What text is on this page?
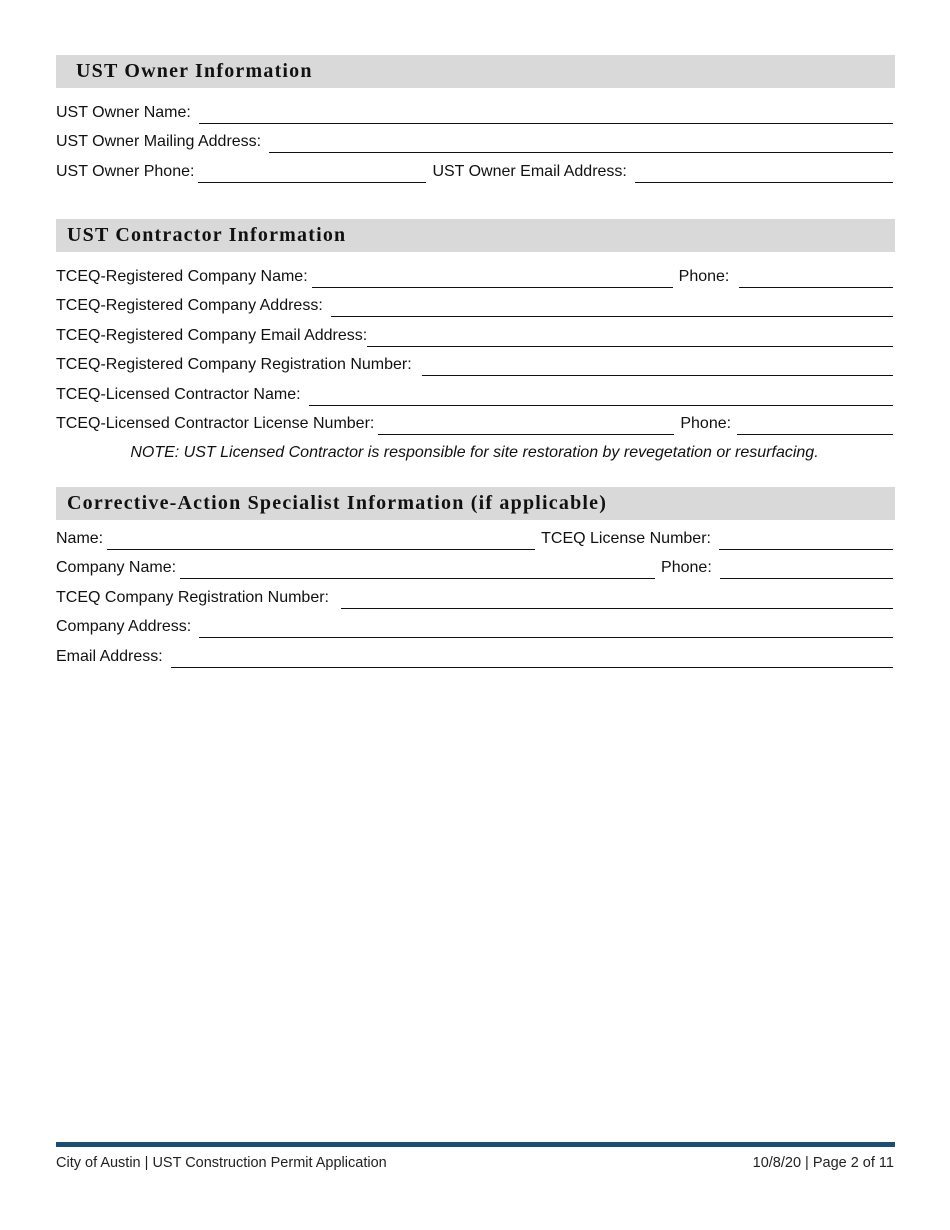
UST Owner Information
UST Owner Name:
UST Owner Mailing Address:
UST Owner Phone:	UST Owner Email Address:
UST Contractor Information
TCEQ-Registered Company Name:	Phone:
TCEQ-Registered Company Address:
TCEQ-Registered Company Email Address:
TCEQ-Registered Company Registration Number:
TCEQ-Licensed Contractor Name:
TCEQ-Licensed Contractor License Number:	Phone:
NOTE: UST Licensed Contractor is responsible for site restoration by revegetation or resurfacing.
Corrective-Action Specialist Information (if applicable)
Name:	TCEQ License Number:
Company Name:	Phone:
TCEQ Company Registration Number:
Company Address:
Email Address:
City of Austin | UST Construction Permit Application	10/8/20 | Page 2 of 11
